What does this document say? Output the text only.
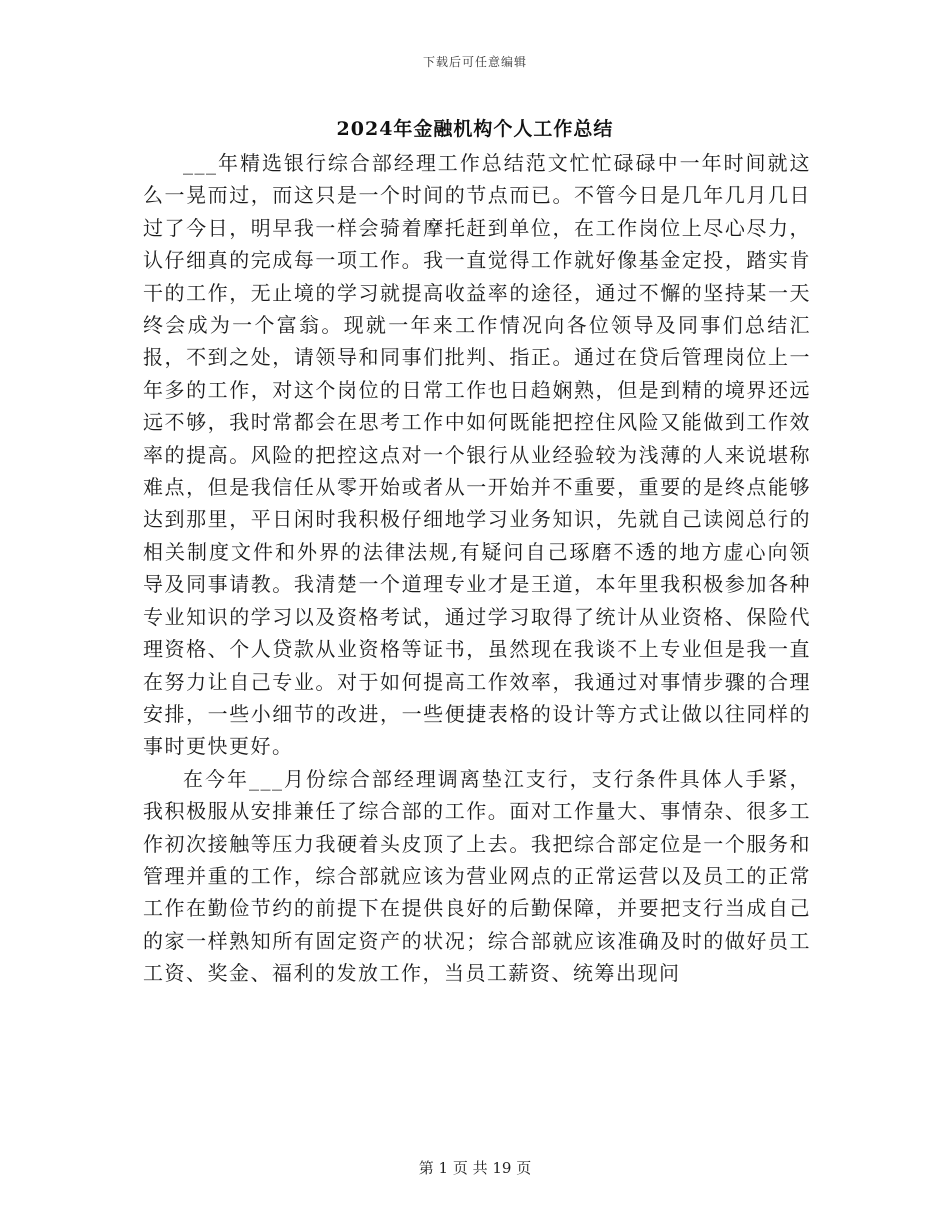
下载后可任意编辑
2024年金融机构个人工作总结

___年精选银行综合部经理工作总结范文忙忙碌碌中一年时间就这么一晃而过，而这只是一个时间的节点而已。不管今日是几年几月几日过了今日，明早我一样会骑着摩托赶到单位，在工作岗位上尽心尽力，认仔细真的完成每一项工作。我一直觉得工作就好像基金定投，踏实肯干的工作，无止境的学习就提高收益率的途径，通过不懈的坚持某一天终会成为一个富翁。现就一年来工作情况向各位领导及同事们总结汇报，不到之处，请领导和同事们批判、指正。通过在贷后管理岗位上一年多的工作，对这个岗位的日常工作也日趋娴熟，但是到精的境界还远远不够，我时常都会在思考工作中如何既能把控住风险又能做到工作效率的提高。风险的把控这点对一个银行从业经验较为浅薄的人来说堪称难点，但是我信任从零开始或者从一开始并不重要，重要的是终点能够达到那里，平日闲时我积极仔细地学习业务知识，先就自己读阅总行的相关制度文件和外界的法律法规,有疑问自己琢磨不透的地方虚心向领导及同事请教。我清楚一个道理专业才是王道，本年里我积极参加各种专业知识的学习以及资格考试，通过学习取得了统计从业资格、保险代理资格、个人贷款从业资格等证书，虽然现在我谈不上专业但是我一直在努力让自己专业。对于如何提高工作效率，我通过对事情步骤的合理安排，一些小细节的改进，一些便捷表格的设计等方式让做以往同样的事时更快更好。

在今年___月份综合部经理调离垫江支行，支行条件具体人手紧，我积极服从安排兼任了综合部的工作。面对工作量大、事情杂、很多工作初次接触等压力我硬着头皮顶了上去。我把综合部定位是一个服务和管理并重的工作，综合部就应该为营业网点的正常运营以及员工的正常工作在勤俭节约的前提下在提供良好的后勤保障，并要把支行当成自己的家一样熟知所有固定资产的状况；综合部就应该准确及时的做好员工工资、奖金、福利的发放工作，当员工薪资、统筹出现问

第 1 页 共 19 页
